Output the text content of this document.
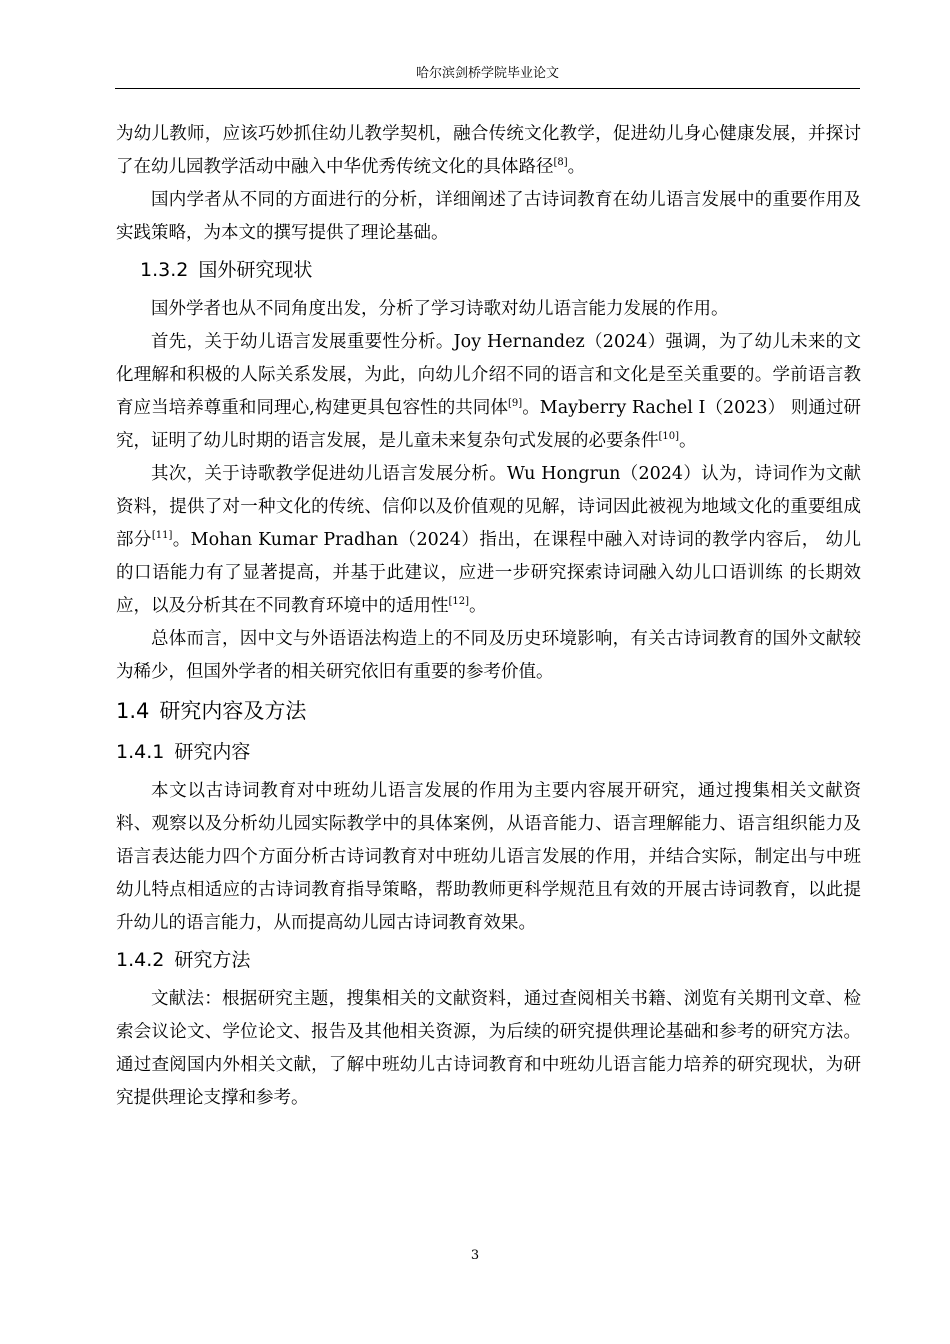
哈尔滨剑桥学院毕业论文

为幼儿教师，应该巧妙抓住幼儿教学契机，融合传统文化教学，促进幼儿身心健康发展，并探讨了在幼儿园教学活动中融入中华优秀传统文化的具体路径[8]。

国内学者从不同的方面进行的分析，详细阐述了古诗词教育在幼儿语言发展中的重要作用及实践策略，为本文的撰写提供了理论基础。

1.3.2 国外研究现状

国外学者也从不同角度出发，分析了学习诗歌对幼儿语言能力发展的作用。

首先，关于幼儿语言发展重要性分析。Joy Hernandez（2024）强调，为了幼儿未来的文化理解和积极的人际关系发展，为此，向幼儿介绍不同的语言和文化是至关重要的。学前语言教育应当培养尊重和同理心,构建更具包容性的共同体[9]。Mayberry Rachel I（2023） 则通过研究，证明了幼儿时期的语言发展，是儿童未来复杂句式发展的必要条件[10]。

其次，关于诗歌教学促进幼儿语言发展分析。Wu Hongrun（2024）认为，诗词作为文献资料，提供了对一种文化的传统、信仰以及价值观的见解，诗词因此被视为地域文化的重要组成部分[11]。Mohan Kumar Pradhan（2024）指出，在课程中融入对诗词的教学内容后， 幼儿的口语能力有了显著提高，并基于此建议，应进一步研究探索诗词融入幼儿口语训练 的长期效应，以及分析其在不同教育环境中的适用性[12]。

总体而言，因中文与外语语法构造上的不同及历史环境影响，有关古诗词教育的国外文献较为稀少，但国外学者的相关研究依旧有重要的参考价值。

1.4 研究内容及方法
1.4.1 研究内容

本文以古诗词教育对中班幼儿语言发展的作用为主要内容展开研究，通过搜集相关文献资料、观察以及分析幼儿园实际教学中的具体案例，从语音能力、语言理解能力、语言组织能力及语言表达能力四个方面分析古诗词教育对中班幼儿语言发展的作用，并结合实际，制定出与中班幼儿特点相适应的古诗词教育指导策略，帮助教师更科学规范且有效的开展古诗词教育，以此提升幼儿的语言能力，从而提高幼儿园古诗词教育效果。

1.4.2 研究方法

文献法：根据研究主题，搜集相关的文献资料，通过查阅相关书籍、浏览有关期刊文章、检索会议论文、学位论文、报告及其他相关资源，为后续的研究提供理论基础和参考的研究方法。通过查阅国内外相关文献，了解中班幼儿古诗词教育和中班幼儿语言能力培养的研究现状，为研究提供理论支撑和参考。

3
